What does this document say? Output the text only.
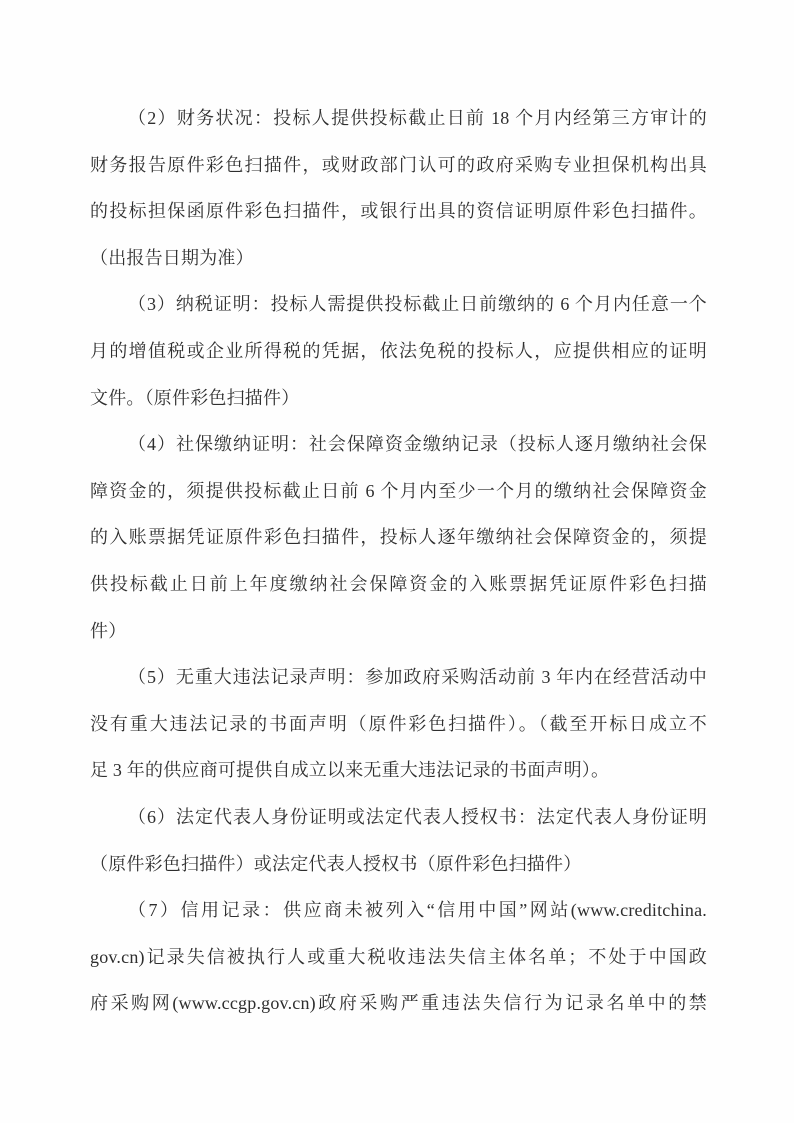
（2）财务状况：投标人提供投标截止日前 18 个月内经第三方审计的
财务报告原件彩色扫描件，或财政部门认可的政府采购专业担保机构出具
的投标担保函原件彩色扫描件，或银行出具的资信证明原件彩色扫描件。
（出报告日期为准）

（3）纳税证明：投标人需提供投标截止日前缴纳的 6 个月内任意一个
月的增值税或企业所得税的凭据，依法免税的投标人，应提供相应的证明
文件。（原件彩色扫描件）

（4）社保缴纳证明：社会保障资金缴纳记录（投标人逐月缴纳社会保
障资金的，须提供投标截止日前 6 个月内至少一个月的缴纳社会保障资金
的入账票据凭证原件彩色扫描件，投标人逐年缴纳社会保障资金的，须提
供投标截止日前上年度缴纳社会保障资金的入账票据凭证原件彩色扫描
件）

（5）无重大违法记录声明：参加政府采购活动前 3 年内在经营活动中
没有重大违法记录的书面声明（原件彩色扫描件）。（截至开标日成立不
足 3 年的供应商可提供自成立以来无重大违法记录的书面声明）。

（6）法定代表人身份证明或法定代表人授权书：法定代表人身份证明
（原件彩色扫描件）或法定代表人授权书（原件彩色扫描件）

（7）信用记录：供应商未被列入“信用中国”网站(www.creditchina.
gov.cn)记录失信被执行人或重大税收违法失信主体名单；不处于中国政
府采购网(www.ccgp.gov.cn)政府采购严重违法失信行为记录名单中的禁
